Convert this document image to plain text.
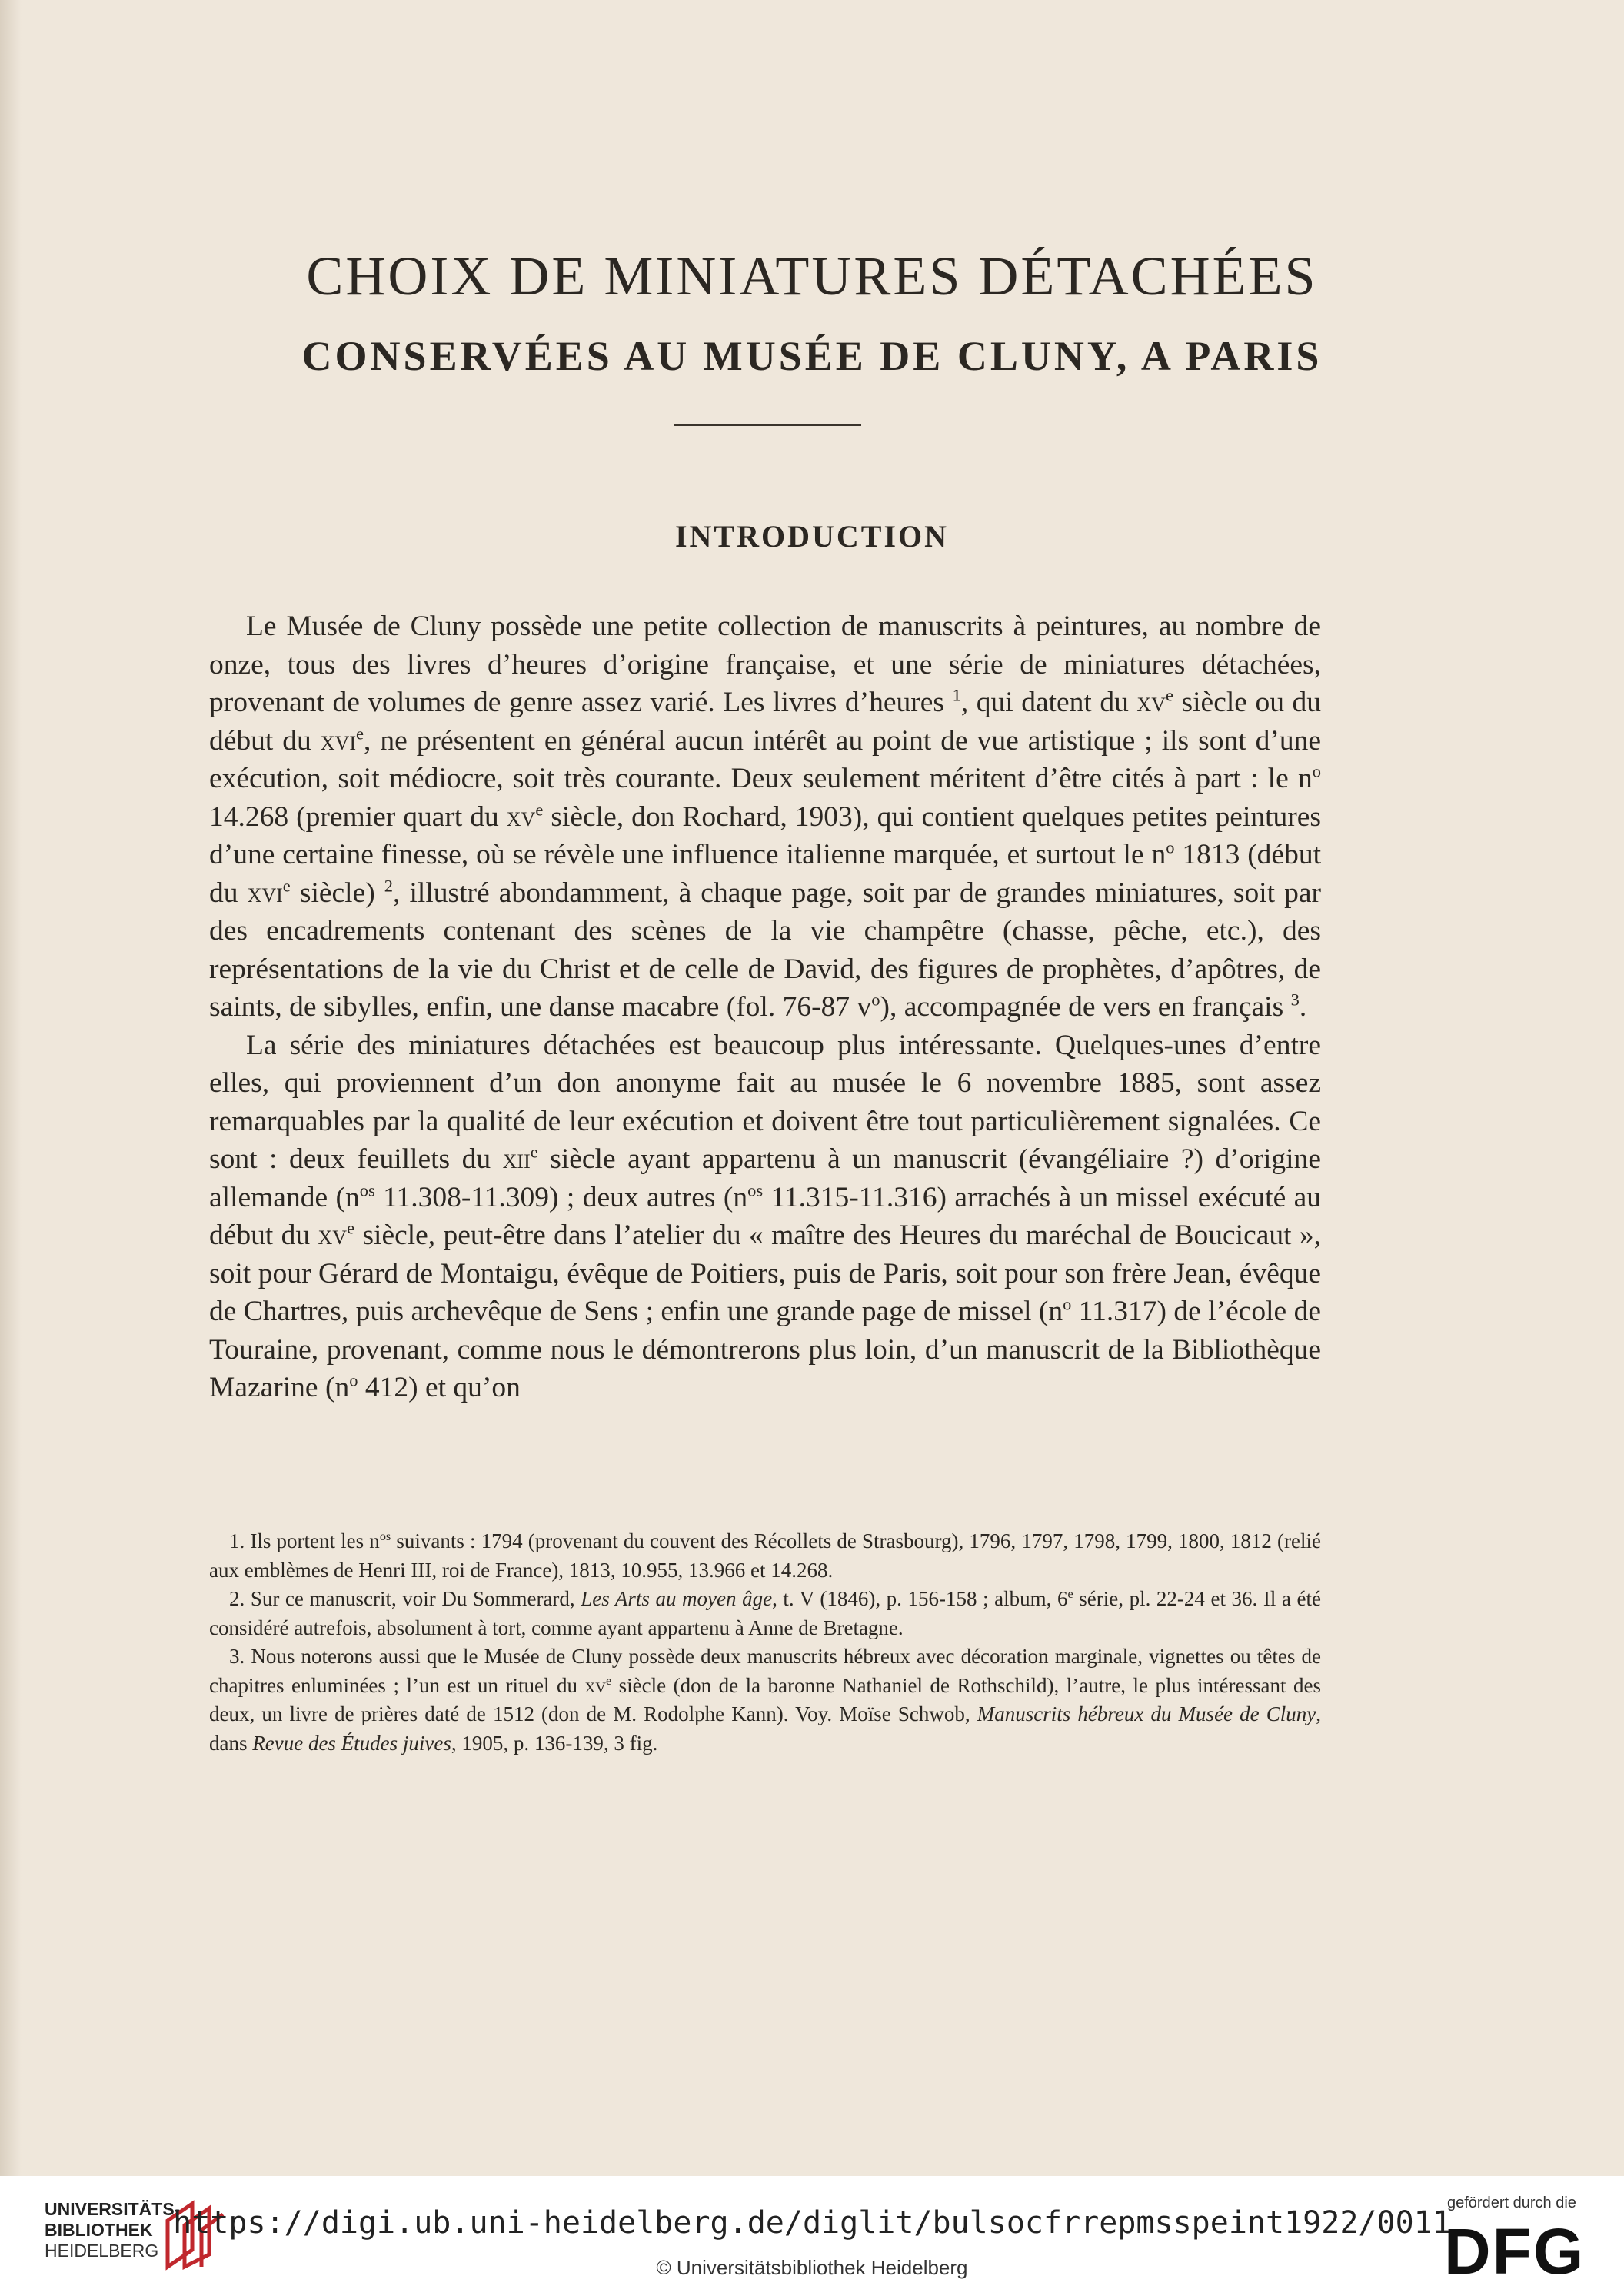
CHOIX DE MINIATURES DÉTACHÉES
CONSERVÉES AU MUSÉE DE CLUNY, A PARIS
INTRODUCTION

Le Musée de Cluny possède une petite collection de manuscrits à peintures, au nombre de onze, tous des livres d’heures d’origine française, et une série de miniatures détachées, provenant de volumes de genre assez varié. Les livres d’heures $^1$, qui datent du $xv^e$ siècle ou du début du xvi$^e$, ne présentent en général aucun intérêt au point de vue artistique ; ils sont d’une exécution, soit médiocre, soit très courante. Deux seulement méritent d’être cités à part : le $n^o$ 14.268 (premier quart du $xv^e$ siècle, don Rochard, 1903), qui contient quelques petites peintures d’une certaine finesse, où se révèle une influence italienne marquée, et surtout le $n^o$ 1813 (début du xvi$^e$ siècle) $^2$, illustré abondamment, à chaque page, soit par de grandes miniatures, soit par des encadrements contenant des scènes de la vie champêtre (chasse, pêche, etc.), des représentations de la vie du Christ et de celle de David, des figures de prophètes, d’apôtres, de saints, de sibylles, enfin, une danse macabre (fol. 76-87 $v^o$), accompagnée de vers en français $^3$.

La série des miniatures détachées est beaucoup plus intéressante. Quelques-unes d’entre elles, qui proviennent d’un don anonyme fait au musée le 6 novembre 1885, sont assez remarquables par la qualité de leur exécution et doivent être tout particulièrement signalées. Ce sont : deux feuillets du xii$^e$ siècle ayant appartenu à un manuscrit (évangéliaire ?) d’origine allemande ($n^{os}$ 11.308-11.309) ; deux autres ($n^{os}$ 11.315-11.316) arrachés à un missel exécuté au début du $xv^e$ siècle, peut-être dans l’atelier du « maître des Heures du maréchal de Boucicaut », soit pour Gérard de Montaigu, évêque de Poitiers, puis de Paris, soit pour son frère Jean, évêque de Chartres, puis archevêque de Sens ; enfin une grande page de missel ($n^o$ 11.317) de l’école de Touraine, provenant, comme nous le démontrerons plus loin, d’un manuscrit de la Bibliothèque Mazarine ($n^o$ 412) et qu’on

1. Ils portent les $n^{os}$ suivants : 1794 (provenant du couvent des Récollets de Strasbourg), 1796, 1797, 1798, 1799, 1800, 1812 (relié aux emblèmes de Henri III, roi de France), 1813, 10.955, 13.966 et 14.268.

2. Sur ce manuscrit, voir Du Sommerard, Les Arts au moyen âge, t. V (1846), p. 156-158 ; album, 6e série, pl. 22-24 et 36. Il a été considéré autrefois, absolument à tort, comme ayant appartenu à Anne de Bretagne.

3. Nous noterons aussi que le Musée de Cluny possède deux manuscrits hébreux avec décoration marginale, vignettes ou têtes de chapitres enluminées ; l’un est un rituel du $xv^e$ siècle (don de la baronne Nathaniel de Rothschild), l’autre, le plus intéressant des deux, un livre de prières daté de 1512 (don de M. Rodolphe Kann). Voy. Moïse Schwob, Manuscrits hébreux du Musée de Cluny, dans Revue des Études juives, 1905, p. 136-139, 3 fig.

UNIVERSITÄTS-
BIBLIOTHEK
HEIDELBERG
https://digi.ub.uni-heidelberg.de/diglit/bulsocfrrepmsspeint1922/0011
© Universitätsbibliothek Heidelberg
gefördert durch die
DFG
